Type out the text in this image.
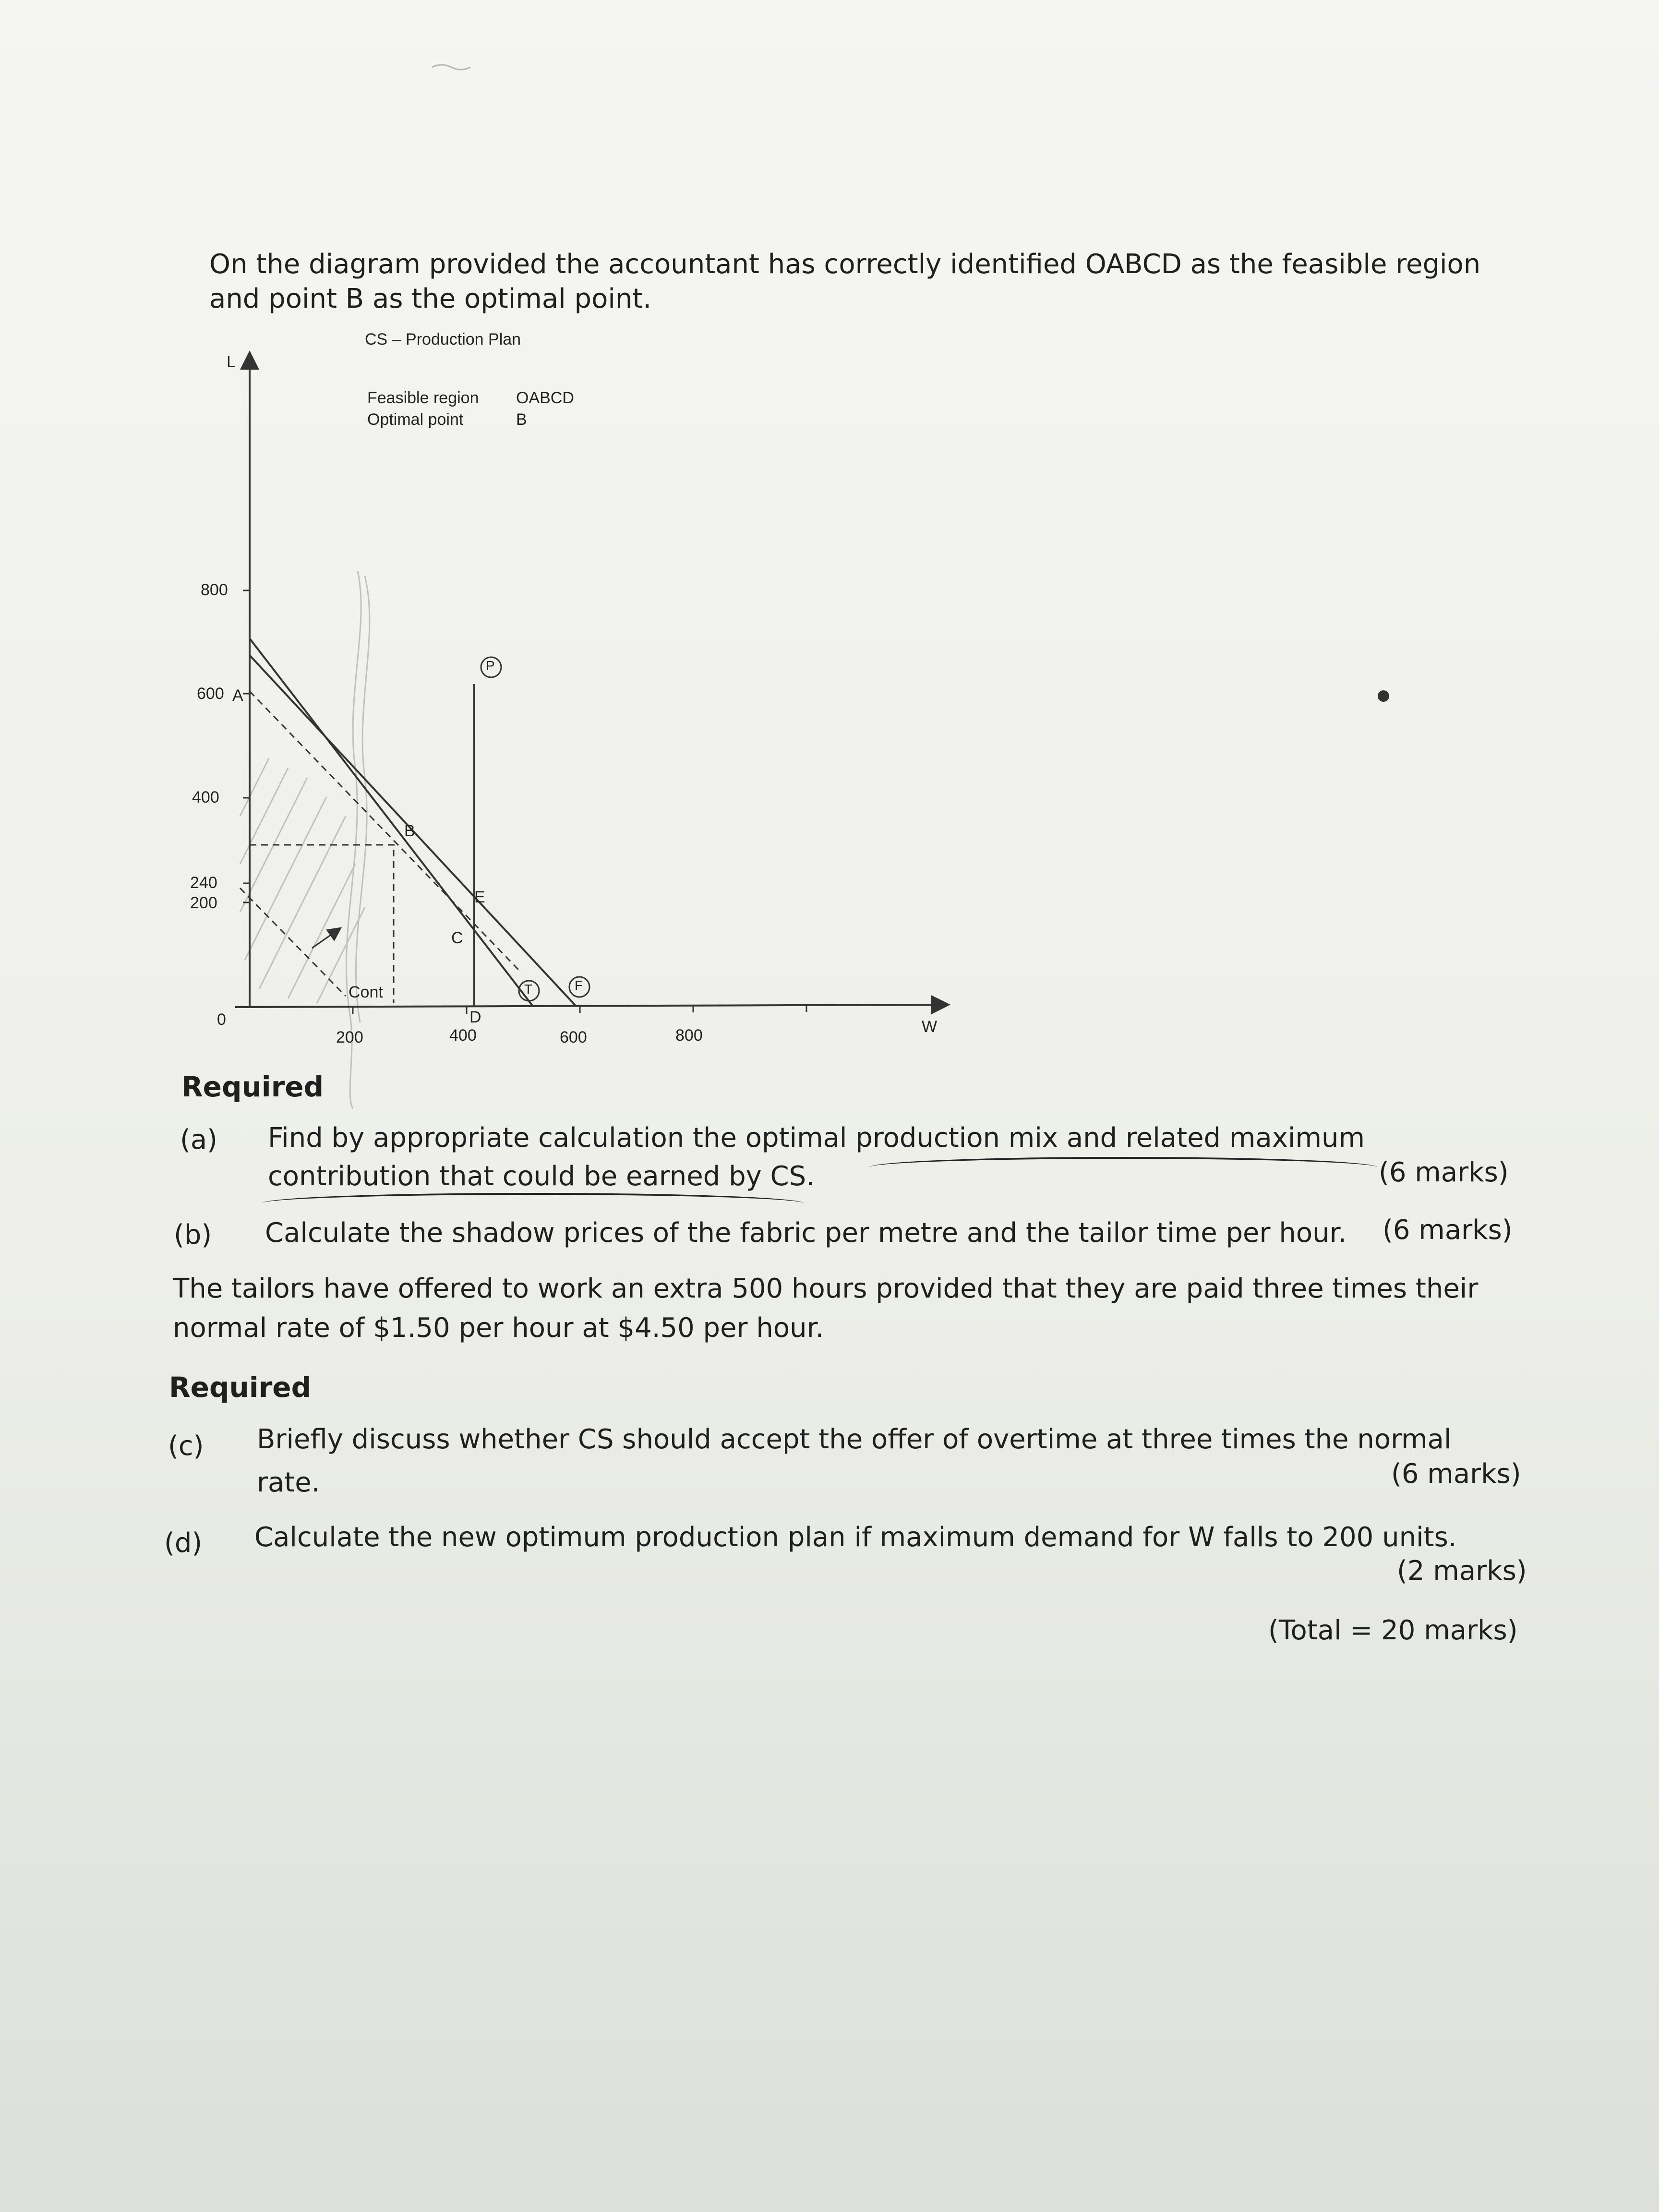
On the diagram provided the accountant has correctly identified OABCD as the feasible region
and point B as the optimal point.
CS – Production Plan
Feasible region OABCD
Optimal point	B
L
W
0
800
600
400
240
200
200	400	600	800
A
B
C
D
E
P
T	F
Cont
Required
(a) Find by appropriate calculation the optimal production mix and related maximum
contribution that could be earned by CS.	(6 marks)
(b) Calculate the shadow prices of the fabric per metre and the tailor time per hour. (6 marks)
The tailors have offered to work an extra 500 hours provided that they are paid three times their
normal rate of $1.50 per hour at $4.50 per hour.
Required
(c) Briefly discuss whether CS should accept the offer of overtime at three times the normal
rate.	(6 marks)
(d) Calculate the new optimum production plan if maximum demand for W falls to 200 units.
(2 marks)
(Total = 20 marks)
